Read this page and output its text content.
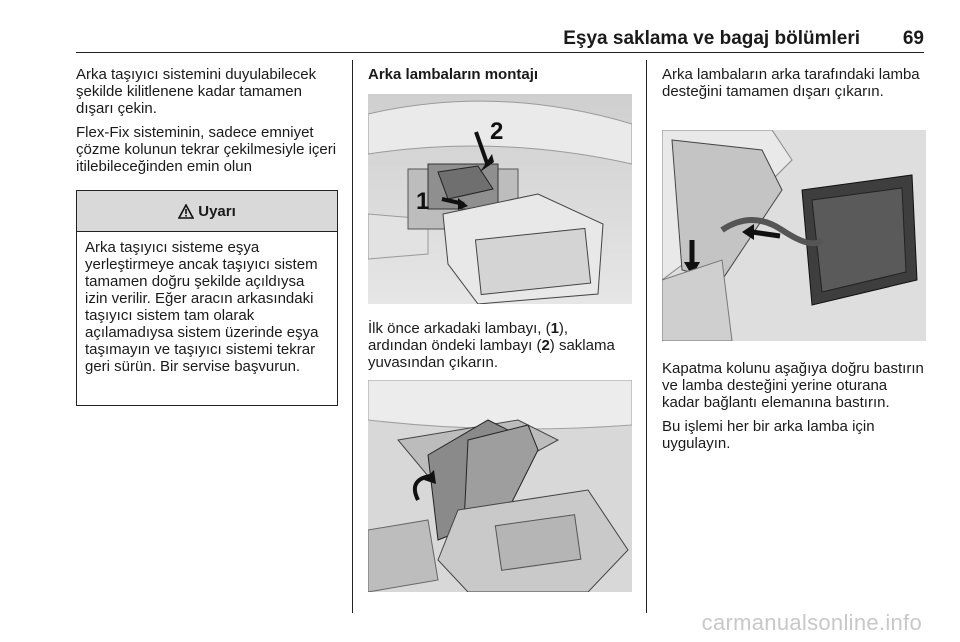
Eşya saklama ve bagaj bölümleri 69

Arka taşıyıcı sistemini duyulabilecek şekilde kilitlenene kadar tamamen dışarı çekin.

Flex-Fix sisteminin, sadece emniyet çözme kolunun tekrar çekilmesiyle içeri itilebileceğinden emin olun

Uyarı
Arka taşıyıcı sisteme eşya yerleştirmeye ancak taşıyıcı sistem tamamen doğru şekilde açıldıysa izin verilir. Eğer aracın arkasındaki taşıyıcı sistem tam olarak açılamadıysa sistem üzerinde eşya taşımayın ve taşıyıcı sistemi tekrar geri sürün. Bir servise başvurun.

Arka lambaların montajı

1
2

İlk önce arkadaki lambayı, (1), ardından öndeki lambayı (2) saklama yuvasından çıkarın.

Arka lambaların arka tarafındaki lamba desteğini tamamen dışarı çıkarın.

Kapatma kolunu aşağıya doğru bastırın ve lamba desteğini yerine oturana kadar bağlantı elemanına bastırın.

Bu işlemi her bir arka lamba için uygulayın.

carmanualsonline.info
